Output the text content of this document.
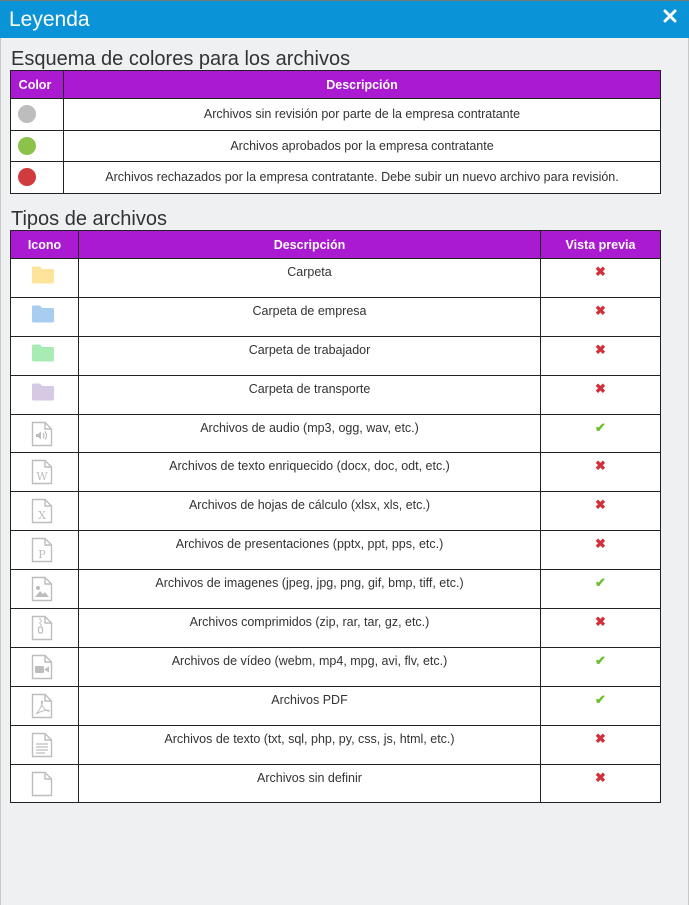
Leyenda
Esquema de colores para los archivos
Color	Descripción

	Archivos sin revisión por parte de la empresa contratante

	Archivos aprobados por la empresa contratante

	Archivos rechazados por la empresa contratante. Debe subir un nuevo archivo para revisión.
Tipos de archivos
Icono	Descripción	Vista previa

	Carpeta	✖

	Carpeta de empresa	✖

	Carpeta de trabajador	✖

	Carpeta de transporte	✖

	Archivos de audio (mp3, ogg, wav, etc.)	✔

W	Archivos de texto enriquecido (docx, doc, odt, etc.)	✖

X	Archivos de hojas de cálculo (xlsx, xls, etc.)	✖

P	Archivos de presentaciones (pptx, ppt, pps, etc.)	✖

	Archivos de imagenes (jpeg, jpg, png, gif, bmp, tiff, etc.)	✔

	Archivos comprimidos (zip, rar, tar, gz, etc.)	✖

	Archivos de vídeo (webm, mp4, mpg, avi, flv, etc.)	✔

	Archivos PDF	✔

	Archivos de texto (txt, sql, php, py, css, js, html, etc.)	✖

	Archivos sin definir	✖
